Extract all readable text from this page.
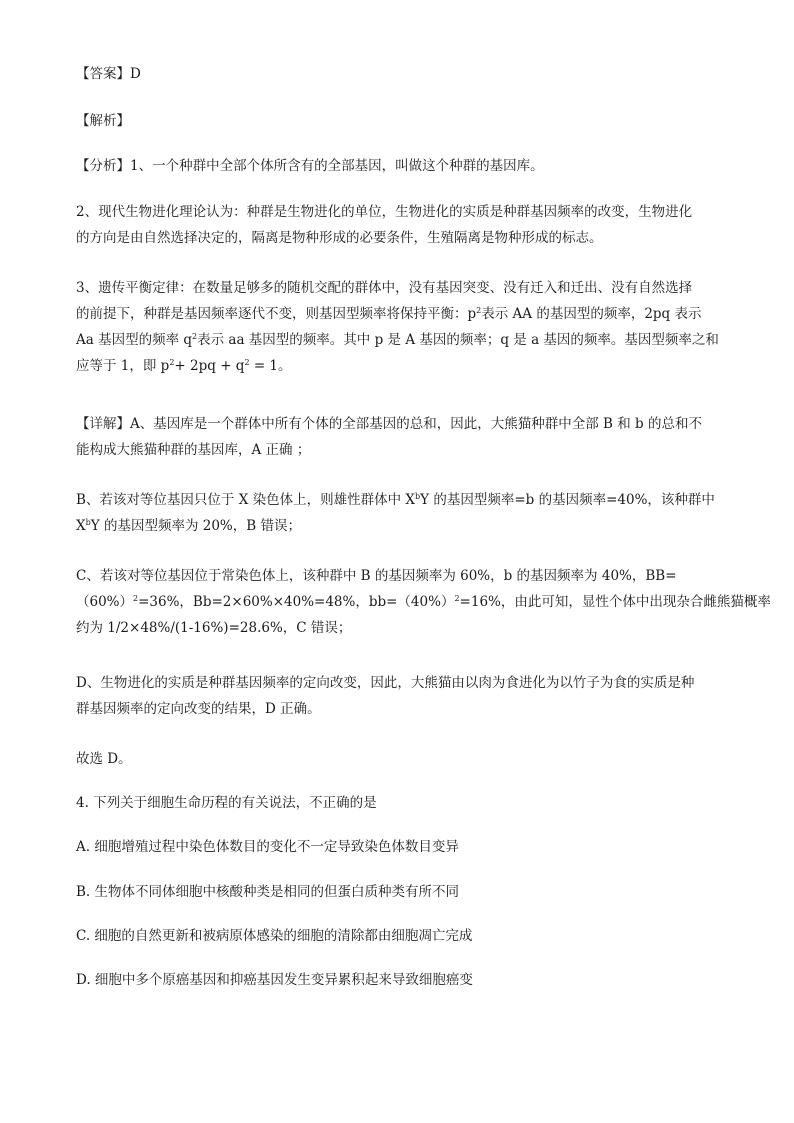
【答案】D
【解析】
【分析】1、一个种群中全部个体所含有的全部基因，叫做这个种群的基因库。
2、现代生物进化理论认为：种群是生物进化的单位，生物进化的实质是种群基因频率的改变，生物进化
的方向是由自然选择决定的，隔离是物种形成的必要条件，生殖隔离是物种形成的标志。
3、遗传平衡定律：在数量足够多的随机交配的群体中，没有基因突变、没有迁入和迁出、没有自然选择
的前提下，种群是基因频率逐代不变，则基因型频率将保持平衡：$p^2$表示 AA 的基因型的频率，2pq 表示
Aa 基因型的频率 $q^2$表示 aa 基因型的频率。其中 p 是 A 基因的频率；q 是 a 基因的频率。基因型频率之和
应等于 1，即 $p^2+ 2pq + q^2 = 1$。
【详解】A、基因库是一个群体中所有个体的全部基因的总和，因此，大熊猫种群中全部 B 和 b 的总和不
能构成大熊猫种群的基因库，A 正确 ；
B、若该对等位基因只位于 X 染色体上，则雄性群体中 $X^bY$ 的基因型频率=b 的基因频率=40%，该种群中
$X^bY$ 的基因型频率为 20%，B 错误；
C、若该对等位基因位于常染色体上，该种群中 B 的基因频率为 60%，b 的基因频率为 40%，BB=
$(60\%)^2=36\%$，Bb=2×60%×40%=48%，$bb=(40\%)^2=16\%$，由此可知，显性个体中出现杂合雌熊猫概率
约为 1/2×48%/(1-16%)=28.6%，C 错误；
D、生物进化的实质是种群基因频率的定向改变，因此，大熊猫由以肉为食进化为以竹子为食的实质是种
群基因频率的定向改变的结果，D 正确。
故选 D。
4. 下列关于细胞生命历程的有关说法，不正确的是
A. 细胞增殖过程中染色体数目的变化不一定导致染色体数目变异
B. 生物体不同体细胞中核酸种类是相同的但蛋白质种类有所不同
C. 细胞的自然更新和被病原体感染的细胞的清除都由细胞凋亡完成
D. 细胞中多个原癌基因和抑癌基因发生变异累积起来导致细胞癌变
